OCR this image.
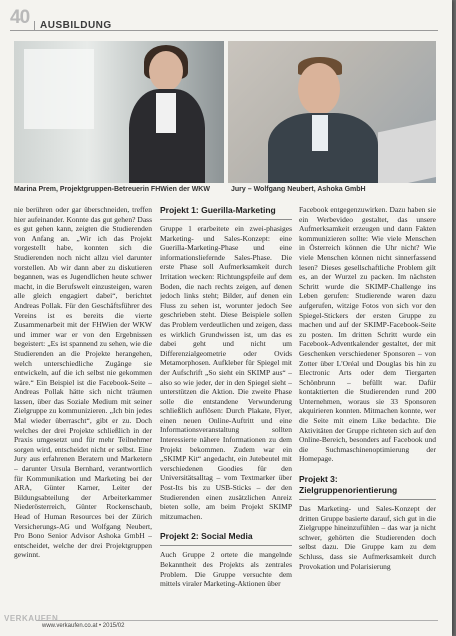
40 AUSBILDUNG
Marina Prem, Projektgruppen-Betreuerin FHWien der WKW	Jury – Wolfgang Neubert, Ashoka GmbH

nie berühren oder gar überschneiden, treffen hier aufeinander. Konnte das gut gehen? Dass es gut gehen kann, zeigten die Studierenden von Anfang an. „Wir ich das Projekt vorgestellt habe, konnten sich die Studierenden noch nicht allzu viel darunter vorstellen. Ab wir dann aber zu diskutieren begannen, was es Jugendlichen heute schwer macht, in die Berufswelt einzusteigen, waren alle gleich engagiert dabei“, berichtet Andreas Pollak. Für den Geschäftsführer des Vereins ist es bereits die vierte Zusammenarbeit mit der FHWien der WKW und immer war er von den Ergebnissen begeistert: „Es ist spannend zu sehen, wie die Studierenden an die Projekte herangehen, welch unterschiedliche Zugänge sie entwickeln, auf die ich selbst nie gekommen wäre.“ Ein Beispiel ist die Facebook-Seite – Andreas Pollak hätte sich nicht träumen lassen, über das Soziale Medium mit seiner Zielgruppe zu kommunizieren. „Ich bin jedes Mal wieder überrascht“, gibt er zu. Doch welches der drei Projekte schließlich in der Praxis umgesetzt und für mehr Teilnehmer sorgen wird, entscheidet nicht er selbst. Eine Jury aus erfahrenen Beratern und Marketern – darunter Ursula Bernhard, verantwortlich für Kommunikation und Marketing bei der ARA, Günter Karner, Leiter der Bildungsabteilung der Arbeiterkammer Niederösterreich, Günter Rockenschaub, Head of Human Resources bei der Zürich Versicherungs-AG und Wolfgang Neubert, Pro Bono Senior Advisor Ashoka GmbH – entscheidet, welche der drei Projektgruppen gewinnt.

Projekt 1: Guerilla-Marketing

Gruppe 1 erarbeitete ein zwei-phasiges Marketing- und Sales-Konzept: eine Guerilla-Marketing-Phase und eine informationsliefernde Sales-Phase. Die erste Phase soll Aufmerksamkeit durch Irritation wecken: Richtungspfeile auf dem Boden, die nach rechts zeigen, auf denen jedoch links steht; Bilder, auf denen ein Fluss zu sehen ist, worunter jedoch See geschrieben steht. Diese Beispiele sollen das Problem verdeutlichen und zeigen, dass es wirklich Grundwissen ist, um das es dabei geht und nicht um Differenzialgeometrie oder Ovids Metamorphosen. Aufkleber für Spiegel mit der Aufschrift „So sieht ein SKIMP aus“ – also so wie jeder, der in den Spiegel sieht – unterstützen die Aktion. Die zweite Phase solle die entstandene Verwunderung schließlich auflösen: Durch Plakate, Flyer, einen neuen Online-Auftritt und eine Informationsveranstaltung sollten Interessierte nähere Informationen zu dem Projekt bekommen. Zudem war ein „SKIMP Kit“ angedacht, ein Jutebeutel mit verschiedenen Goodies für den Universitätsalltag – vom Textmarker über Post-Its bis zu USB-Sticks – der den Studierenden einen zusätzlichen Anreiz bieten solle, am beim Projekt SKIMP mitzumachen.

Projekt 2: Social Media

Auch Gruppe 2 ortete die mangelnde Bekanntheit des Projekts als zentrales Problem. Die Gruppe versuchte dem mittels viraler Marketing-Aktionen über

Facebook entgegenzuwirken. Dazu haben sie ein Werbevideo gestaltet, das unsere Aufmerksamkeit erzeugen und dann Fakten kommunizieren sollte: Wie viele Menschen in Österreich können die Uhr nicht? Wie viele Menschen können nicht sinnerfassend lesen? Dieses gesellschaftliche Problem gilt es, an der Wurzel zu packen. Im nächsten Schritt wurde die SKIMP-Challenge ins Leben gerufen: Studierende waren dazu aufgerufen, witzige Fotos von sich vor den Spiegel-Stickers der ersten Gruppe zu machen und auf der SKIMP-Facebook-Seite zu posten. Im dritten Schritt wurde ein Facebook-Adventkalender gestaltet, der mit Geschenken verschiedener Sponsoren – von Zotter über L'Oréal und Douglas bis hin zu Electronic Arts oder dem Tiergarten Schönbrunn – befüllt war. Dafür kontaktierten die Studierenden rund 200 Unternehmen, woraus sie 33 Sponsoren akquirieren konnten. Mitmachen konnte, wer die Seite mit einem Like bedachte. Die Aktivitäten der Gruppe richteten sich auf den Online-Bereich, besonders auf Facebook und die Suchmaschinenoptimierung der Homepage.

Projekt 3: Zielgruppenorientierung

Das Marketing- und Sales-Konzept der dritten Gruppe basierte darauf, sich gut in die Zielgruppe hineinzufühlen – das war ja nicht schwer, gehörten die Studierenden doch selbst dazu. Die Gruppe kam zu dem Schluss, dass sie Aufmerksamkeit durch Provokation und Polarisierung

VERKAUFEN
www.verkaufen.co.at • 2015/02
